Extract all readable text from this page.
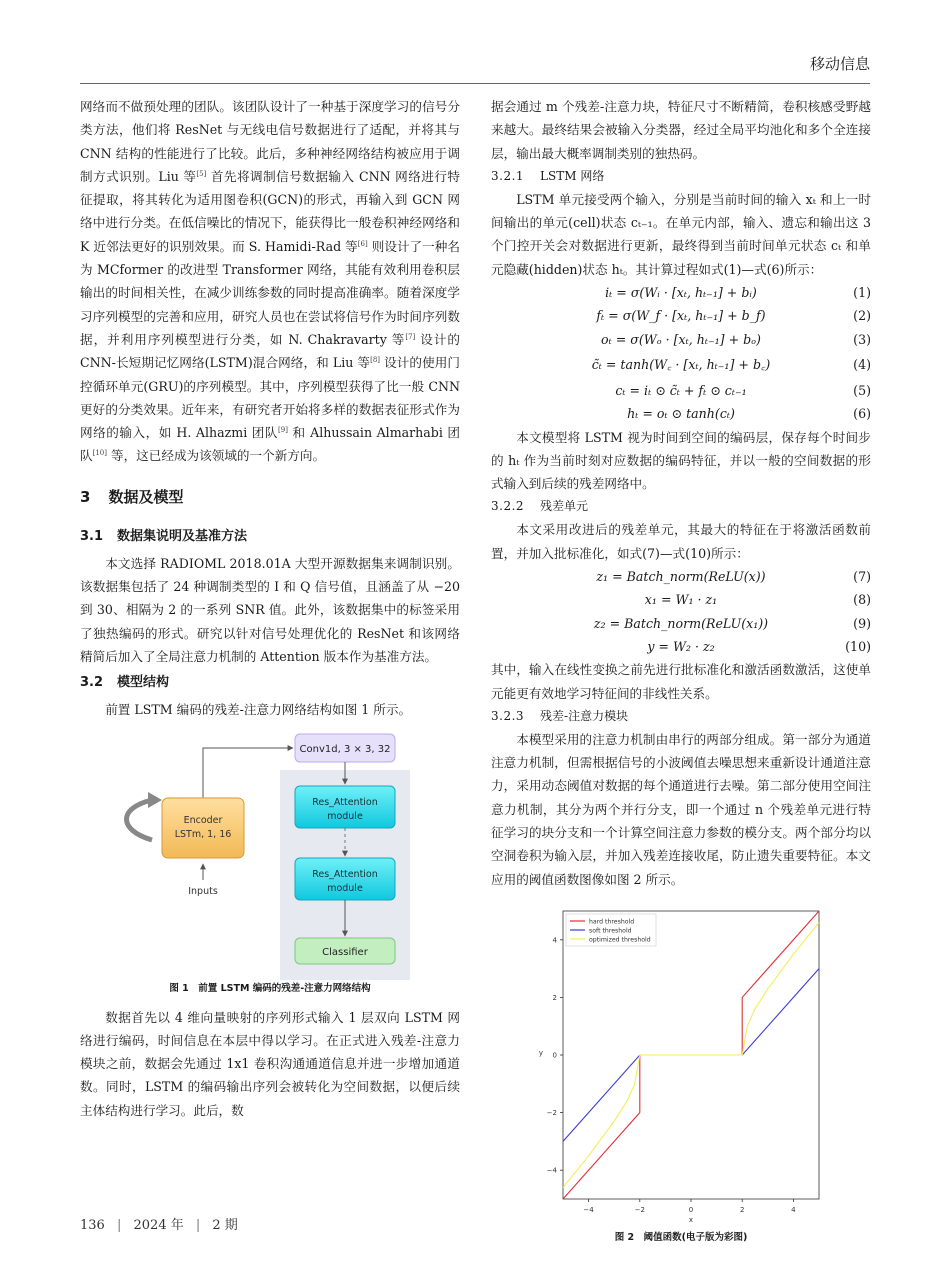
移动信息

网络而不做预处理的团队。该团队设计了一种基于深度学习的信号分类方法，他们将 ResNet 与无线电信号数据进行了适配，并将其与 CNN 结构的性能进行了比较。此后，多种神经网络结构被应用于调制方式识别。Liu 等[5] 首先将调制信号数据输入 CNN 网络进行特征提取，将其转化为适用图卷积(GCN)的形式，再输入到 GCN 网络中进行分类。在低信噪比的情况下，能获得比一般卷积神经网络和 K 近邻法更好的识别效果。而 S. Hamidi-Rad 等[6] 则设计了一种名为 MCformer 的改进型 Transformer 网络，其能有效利用卷积层输出的时间相关性，在减少训练参数的同时提高准确率。随着深度学习序列模型的完善和应用，研究人员也在尝试将信号作为时间序列数据，并利用序列模型进行分类，如 N. Chakravarty 等[7] 设计的 CNN-长短期记忆网络(LSTM)混合网络，和 Liu 等[8] 设计的使用门控循环单元(GRU)的序列模型。其中，序列模型获得了比一般 CNN 更好的分类效果。近年来，有研究者开始将多样的数据表征形式作为网络的输入，如 H. Alhazmi 团队[9] 和 Alhussain Almarhabi 团队[10] 等，这已经成为该领域的一个新方向。

3 数据及模型
3.1 数据集说明及基准方法

本文选择 RADIOML 2018.01A 大型开源数据集来调制识别。该数据集包括了 24 种调制类型的 I 和 Q 信号值，且涵盖了从 −20 到 30、相隔为 2 的一系列 SNR 值。此外，该数据集中的标签采用了独热编码的形式。研究以针对信号处理优化的 ResNet 和该网络精简后加入了全局注意力机制的 Attention 版本作为基准方法。

3.2 模型结构

前置 LSTM 编码的残差-注意力网络结构如图 1 所示。

Conv1d, 3 × 3, 32
Encoder
LSTm, 1, 16
Inputs
Res_Attention
module
Res_Attention
module
Classifier
图 1　前置 LSTM 编码的残差-注意力网络结构

数据首先以 4 维向量映射的序列形式输入 1 层双向 LSTM 网络进行编码，时间信息在本层中得以学习。在正式进入残差-注意力模块之前，数据会先通过 1x1 卷积沟通通道信息并进一步增加通道数。同时，LSTM 的编码输出序列会被转化为空间数据，以便后续主体结构进行学习。此后，数

据会通过 m 个残差-注意力块，特征尺寸不断精简，卷积核感受野越来越大。最终结果会被输入分类器，经过全局平均池化和多个全连接层，输出最大概率调制类别的独热码。

3.2.1 LSTM 网络

LSTM 单元接受两个输入，分别是当前时间的输入 xₜ 和上一时间输出的单元(cell)状态 cₜ₋₁。在单元内部，输入、遗忘和输出这 3 个门控开关会对数据进行更新，最终得到当前时间单元状态 cₜ 和单元隐藏(hidden)状态 hₜ。其计算过程如式(1)—式(6)所示：

iₜ = σ(Wᵢ · [xₜ, hₜ₋₁] + bᵢ)	(1)
fₜ = σ(W_f · [xₜ, hₜ₋₁] + b_f)	(2)
oₜ = σ(Wₒ · [xₜ, hₜ₋₁] + bₒ)	(3)
c̃ₜ = tanh(W꜀ · [xₜ, hₜ₋₁] + b꜀)	(4)
cₜ = iₜ ⊙ c̃ₜ + fₜ ⊙ cₜ₋₁	(5)
hₜ = oₜ ⊙ tanh(cₜ)	(6)

本文模型将 LSTM 视为时间到空间的编码层，保存每个时间步的 hₜ 作为当前时刻对应数据的编码特征，并以一般的空间数据的形式输入到后续的残差网络中。

3.2.2 残差单元

本文采用改进后的残差单元，其最大的特征在于将激活函数前置，并加入批标准化，如式(7)—式(10)所示：

z₁ = Batch_norm(ReLU(x))	(7)
x₁ = W₁ · z₁	(8)
z₂ = Batch_norm(ReLU(x₁))	(9)
y = W₂ · z₂	(10)

其中，输入在线性变换之前先进行批标准化和激活函数激活，这使单元能更有效地学习特征间的非线性关系。

3.2.3 残差-注意力模块

本模型采用的注意力机制由串行的两部分组成。第一部分为通道注意力机制，但需根据信号的小波阈值去噪思想来重新设计通道注意力，采用动态阈值对数据的每个通道进行去噪。第二部分使用空间注意力机制，其分为两个并行分支，即一个通过 n 个残差单元进行特征学习的块分支和一个计算空间注意力参数的模分支。两个部分均以空洞卷积为输入层，并加入残差连接收尾，防止遗失重要特征。本文应用的阈值函数图像如图 2 所示。

−4	−2	0	2	4
−4
−2
0
2
4
x
y
hard threshold
soft threshold
optimized threshold
图 2　阈值函数(电子版为彩图)
136 | 2024 年 | 2 期
